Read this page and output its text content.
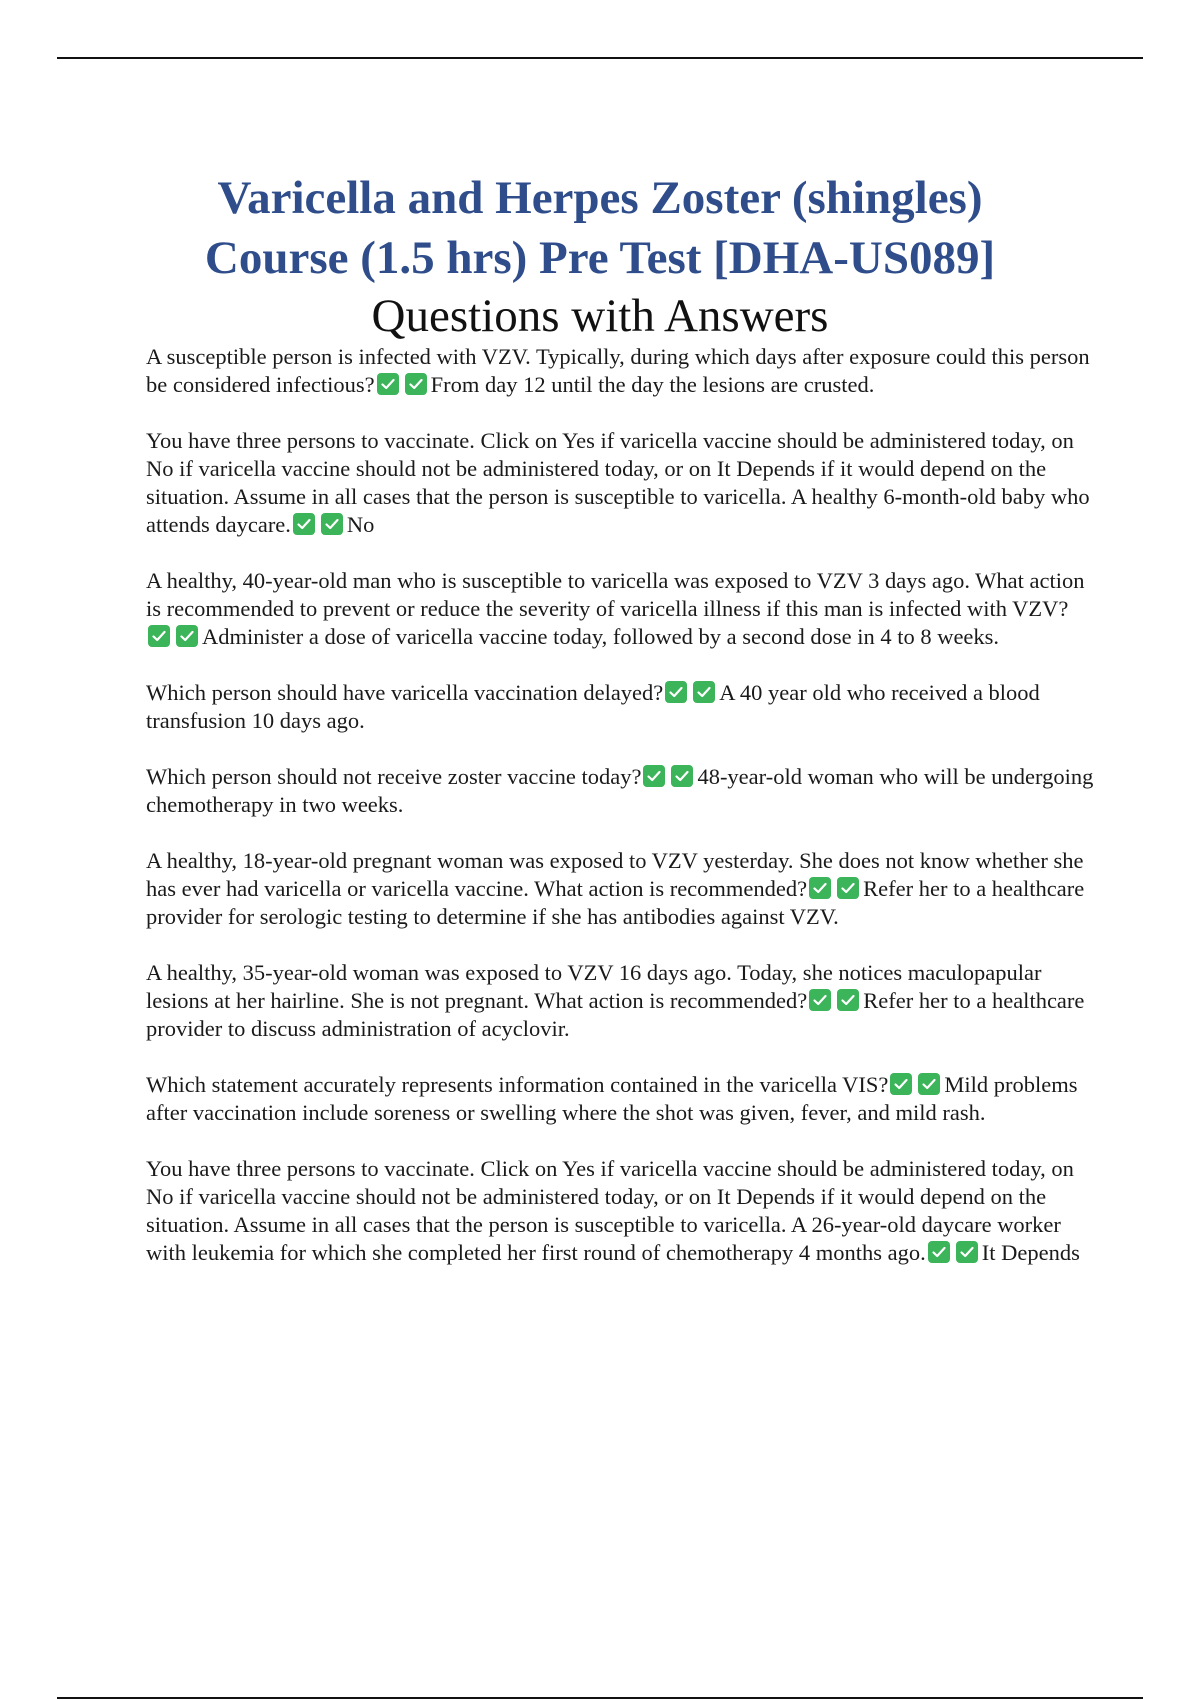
Varicella and Herpes Zoster (shingles)
Course (1.5 hrs) Pre Test [DHA-US089]
Questions with Answers

A susceptible person is infected with VZV. Typically, during which days after exposure could this person be considered infectious? From day 12 until the day the lesions are crusted.

You have three persons to vaccinate. Click on Yes if varicella vaccine should be administered today, on No if varicella vaccine should not be administered today, or on It Depends if it would depend on the situation. Assume in all cases that the person is susceptible to varicella. A healthy 6-month-old baby who attends daycare. No

A healthy, 40-year-old man who is susceptible to varicella was exposed to VZV 3 days ago. What action is recommended to prevent or reduce the severity of varicella illness if this man is infected with VZV?
Administer a dose of varicella vaccine today, followed by a second dose in 4 to 8 weeks.

Which person should have varicella vaccination delayed? A 40 year old who received a blood transfusion 10 days ago.

Which person should not receive zoster vaccine today? 48-year-old woman who will be undergoing chemotherapy in two weeks.

A healthy, 18-year-old pregnant woman was exposed to VZV yesterday. She does not know whether she has ever had varicella or varicella vaccine. What action is recommended? Refer her to a healthcare provider for serologic testing to determine if she has antibodies against VZV.

A healthy, 35-year-old woman was exposed to VZV 16 days ago. Today, she notices maculopapular lesions at her hairline. She is not pregnant. What action is recommended? Refer her to a healthcare provider to discuss administration of acyclovir.

Which statement accurately represents information contained in the varicella VIS? Mild problems after vaccination include soreness or swelling where the shot was given, fever, and mild rash.

You have three persons to vaccinate. Click on Yes if varicella vaccine should be administered today, on No if varicella vaccine should not be administered today, or on It Depends if it would depend on the situation. Assume in all cases that the person is susceptible to varicella. A 26-year-old daycare worker with leukemia for which she completed her first round of chemotherapy 4 months ago. It Depends
